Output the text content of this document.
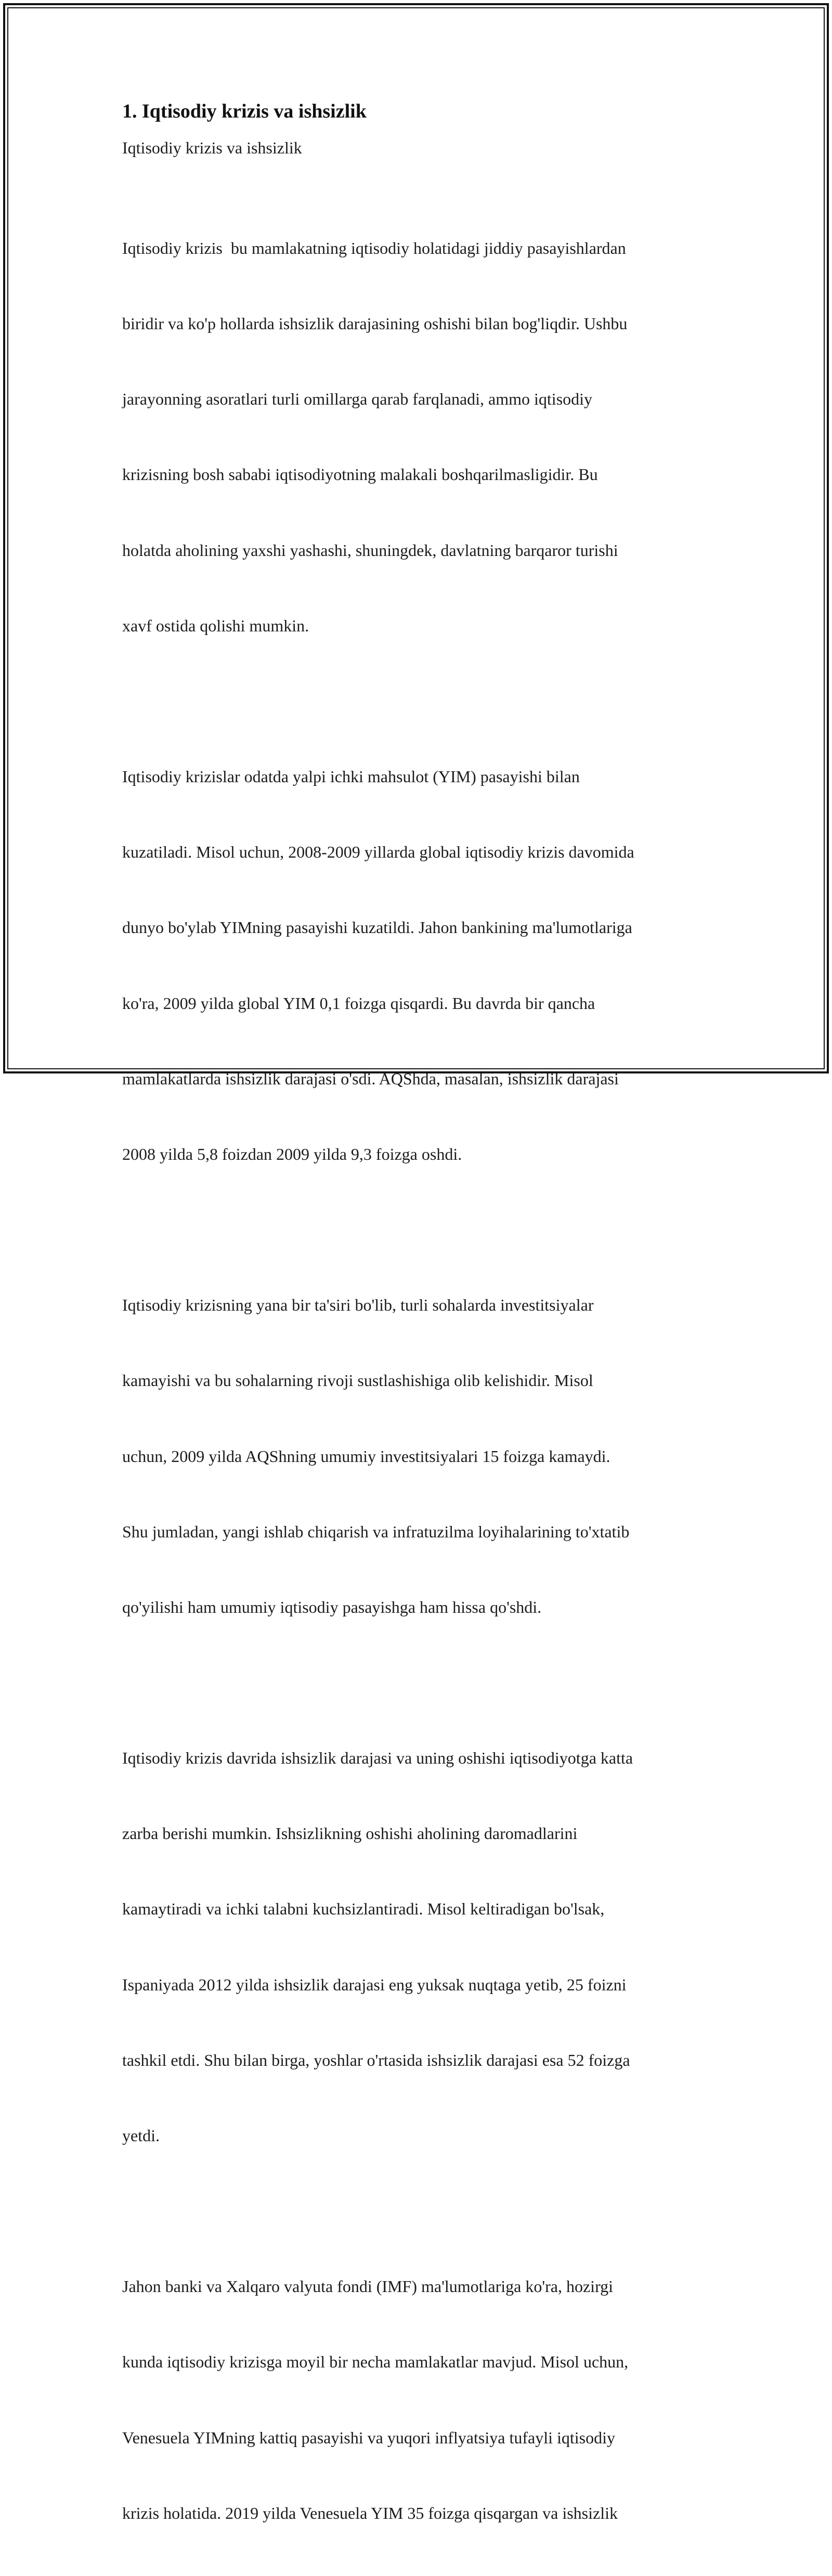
1. Iqtisodiy krizis va ishsizlik
Iqtisodiy krizis va ishsizlik

Iqtisodiy krizis  bu mamlakatning iqtisodiy holatidagi jiddiy pasayishlardan

biridir va ko'p hollarda ishsizlik darajasining oshishi bilan bog'liqdir. Ushbu

jarayonning asoratlari turli omillarga qarab farqlanadi, ammo iqtisodiy

krizisning bosh sababi iqtisodiyotning malakali boshqarilmasligidir. Bu

holatda aholining yaxshi yashashi, shuningdek, davlatning barqaror turishi

xavf ostida qolishi mumkin.

Iqtisodiy krizislar odatda yalpi ichki mahsulot (YIM) pasayishi bilan

kuzatiladi. Misol uchun, 2008-2009 yillarda global iqtisodiy krizis davomida

dunyo bo'ylab YIMning pasayishi kuzatildi. Jahon bankining ma'lumotlariga

ko'ra, 2009 yilda global YIM 0,1 foizga qisqardi. Bu davrda bir qancha

mamlakatlarda ishsizlik darajasi o'sdi. AQShda, masalan, ishsizlik darajasi

2008 yilda 5,8 foizdan 2009 yilda 9,3 foizga oshdi.

Iqtisodiy krizisning yana bir ta'siri bo'lib, turli sohalarda investitsiyalar

kamayishi va bu sohalarning rivoji sustlashishiga olib kelishidir. Misol

uchun, 2009 yilda AQShning umumiy investitsiyalari 15 foizga kamaydi.

Shu jumladan, yangi ishlab chiqarish va infratuzilma loyihalarining to'xtatib

qo'yilishi ham umumiy iqtisodiy pasayishga ham hissa qo'shdi.

Iqtisodiy krizis davrida ishsizlik darajasi va uning oshishi iqtisodiyotga katta

zarba berishi mumkin. Ishsizlikning oshishi aholining daromadlarini

kamaytiradi va ichki talabni kuchsizlantiradi. Misol keltiradigan bo'lsak,

Ispaniyada 2012 yilda ishsizlik darajasi eng yuksak nuqtaga yetib, 25 foizni

tashkil etdi. Shu bilan birga, yoshlar o'rtasida ishsizlik darajasi esa 52 foizga

yetdi.

Jahon banki va Xalqaro valyuta fondi (IMF) ma'lumotlariga ko'ra, hozirgi

kunda iqtisodiy krizisga moyil bir necha mamlakatlar mavjud. Misol uchun,

Venesuela YIMning kattiq pasayishi va yuqori inflyatsiya tufayli iqtisodiy

krizis holatida. 2019 yilda Venesuela YIM 35 foizga qisqargan va ishsizlik
